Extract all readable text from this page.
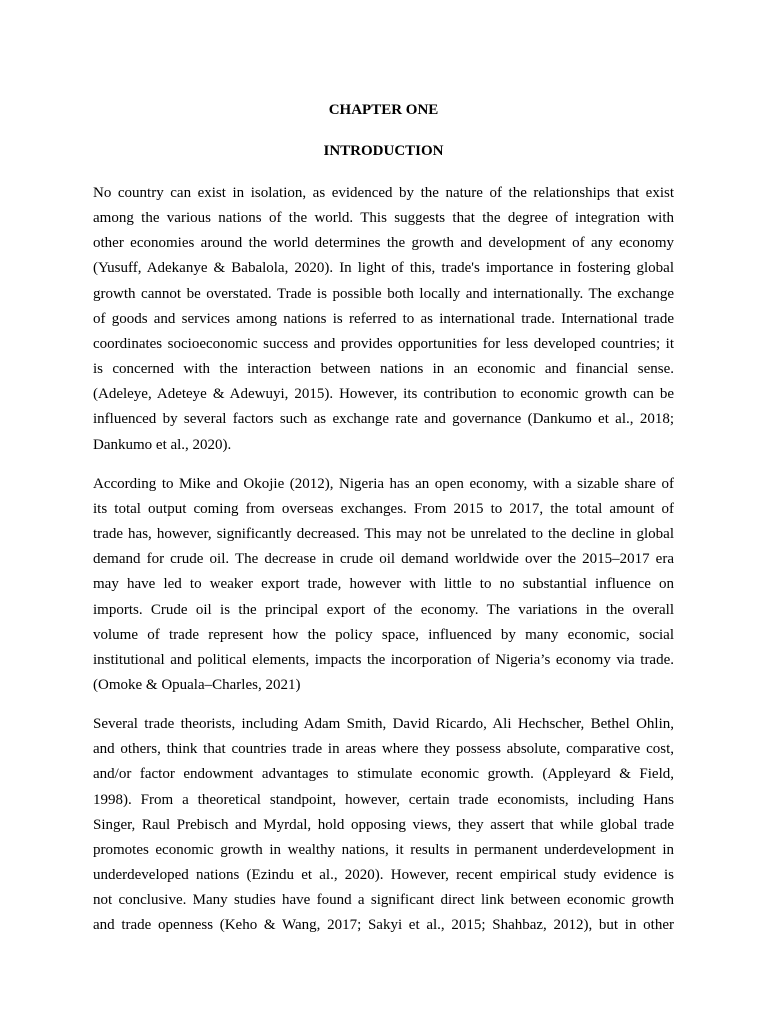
CHAPTER ONE
INTRODUCTION

No country can exist in isolation, as evidenced by the nature of the relationships that exist
among the various nations of the world. This suggests that the degree of integration with
other economies around the world determines the growth and development of any economy
(Yusuff, Adekanye & Babalola, 2020). In light of this, trade's importance in fostering global
growth cannot be overstated. Trade is possible both locally and internationally. The exchange
of goods and services among nations is referred to as international trade. International trade
coordinates socioeconomic success and provides opportunities for less developed countries; it
is concerned with the interaction between nations in an economic and financial sense.
(Adeleye, Adeteye & Adewuyi, 2015). However, its contribution to economic growth can be
influenced by several factors such as exchange rate and governance (Dankumo et al., 2018;
Dankumo et al., 2020).

According to Mike and Okojie (2012), Nigeria has an open economy, with a sizable share of
its total output coming from overseas exchanges. From 2015 to 2017, the total amount of
trade has, however, significantly decreased. This may not be unrelated to the decline in global
demand for crude oil. The decrease in crude oil demand worldwide over the 2015–2017 era
may have led to weaker export trade, however with little to no substantial influence on
imports. Crude oil is the principal export of the economy. The variations in the overall
volume of trade represent how the policy space, influenced by many economic, social
institutional and political elements, impacts the incorporation of Nigeria’s economy via trade.
(Omoke & Opuala–Charles, 2021)

Several trade theorists, including Adam Smith, David Ricardo, Ali Hechscher, Bethel Ohlin,
and others, think that countries trade in areas where they possess absolute, comparative cost,
and/or factor endowment advantages to stimulate economic growth. (Appleyard & Field,
1998). From a theoretical standpoint, however, certain trade economists, including Hans
Singer, Raul Prebisch and Myrdal, hold opposing views, they assert that while global trade
promotes economic growth in wealthy nations, it results in permanent underdevelopment in
underdeveloped nations (Ezindu et al., 2020). However, recent empirical study evidence is
not conclusive. Many studies have found a significant direct link between economic growth
and trade openness (Keho & Wang, 2017; Sakyi et al., 2015; Shahbaz, 2012), but in other
